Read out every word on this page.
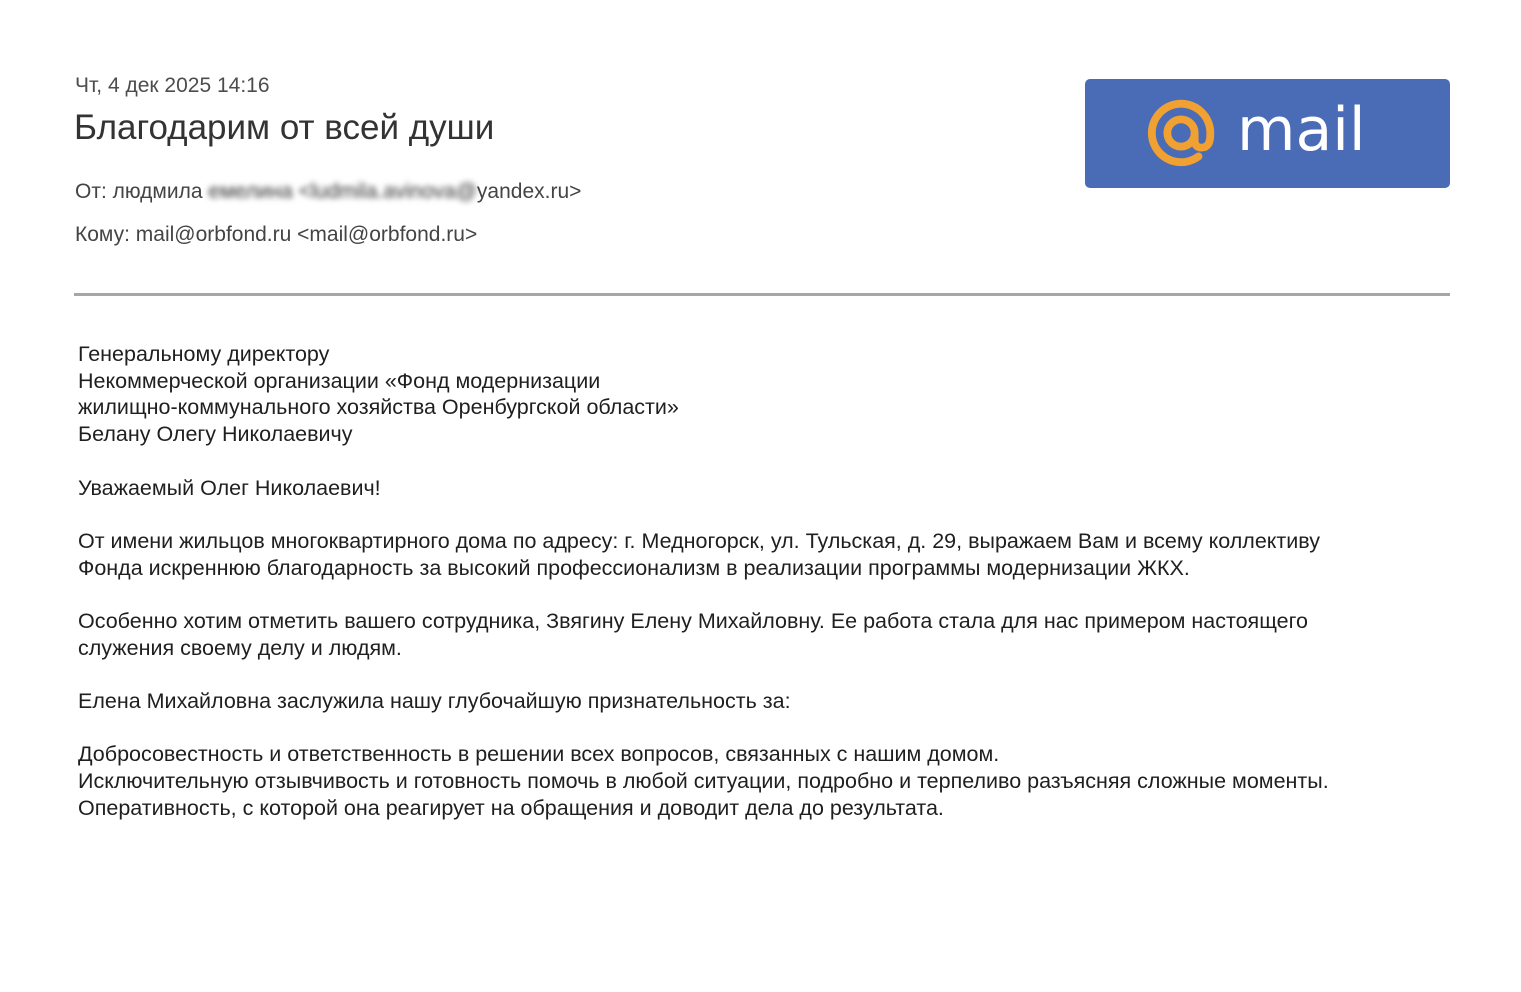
Чт, 4 дек 2025 14:16
Благодарим от всей души
От: людмила емелина <ludmila.avinova@yandex.ru>
Кому: mail@orbfond.ru <mail@orbfond.ru>
mail

Генеральному директору

Некоммерческой организации «Фонд модернизации

жилищно-коммунального хозяйства Оренбургской области»

Белану Олегу Николаевичу

Уважаемый Олег Николаевич!

От имени жильцов многоквартирного дома по адресу: г. Медногорск, ул. Тульская, д. 29, выражаем Вам и всему коллективу

Фонда искреннюю благодарность за высокий профессионализм в реализации программы модернизации ЖКХ.

Особенно хотим отметить вашего сотрудника, Звягину Елену Михайловну. Ее работа стала для нас примером настоящего

служения своему делу и людям.

Елена Михайловна заслужила нашу глубочайшую признательность за:

Добросовестность и ответственность в решении всех вопросов, связанных с нашим домом.

Исключительную отзывчивость и готовность помочь в любой ситуации, подробно и терпеливо разъясняя сложные моменты.

Оперативность, с которой она реагирует на обращения и доводит дела до результата.
